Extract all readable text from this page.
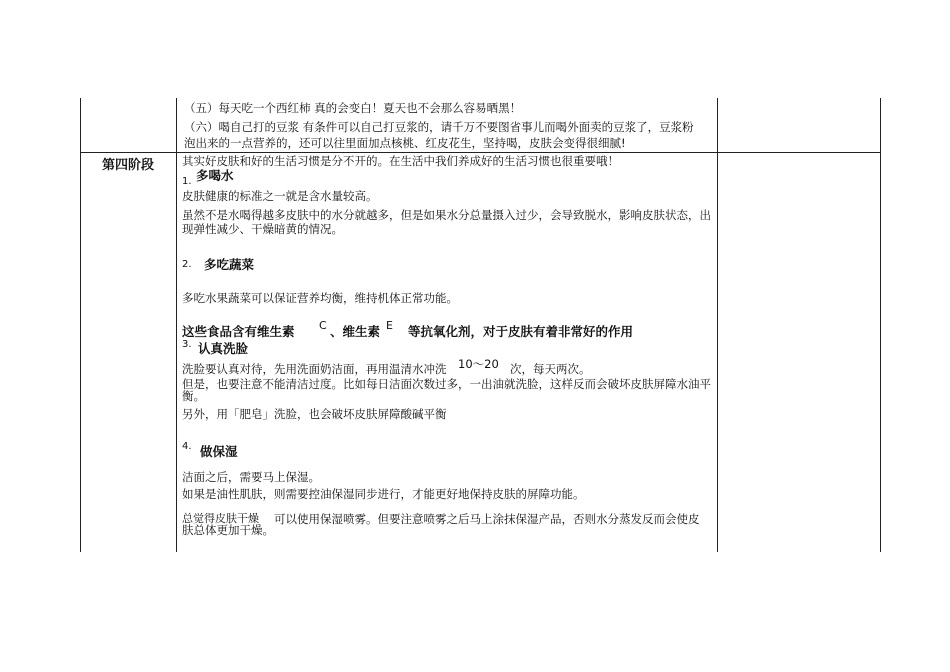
（五）每天吃一个西红柿 真的会变白！夏天也不会那么容易晒黑！
（六）喝自己打的豆浆 有条件可以自己打豆浆的，请千万不要图省事儿而喝外面卖的豆浆了，豆浆粉
泡出来的一点营养的，还可以往里面加点核桃、红皮花生，坚持喝，皮肤会变得很细腻!
第四阶段 其实好皮肤和好的生活习惯是分不开的。在生活中我们养成好的生活习惯也很重要哦！
1. 多喝水
皮肤健康的标准之一就是含水量较高。
虽然不是水喝得越多皮肤中的水分就越多，但是如果水分总量摄入过少，会导致脱水，影响皮肤状态，出现弹性减少、干燥暗黄的情况。
2. 多吃蔬菜
多吃水果蔬菜可以保证营养均衡，维持机体正常功能。
这些食品含有维生素 C 、维生素 E 等抗氧化剂，对于皮肤有着非常好的作用
3. 认真洗脸
洗脸要认真对待，先用洗面奶洁面，再用温清水冲洗 10～20 次，每天两次。
但是，也要注意不能清洁过度。比如每日洁面次数过多，一出油就洗脸，这样反而会破坏皮肤屏障水油平衡。
另外，用「肥皂」洗脸，也会破坏皮肤屏障酸碱平衡
4. 做保湿
洁面之后，需要马上保湿。
如果是油性肌肤，则需要控油保湿同步进行，才能更好地保持皮肤的屏障功能。
总觉得皮肤干燥 可以使用保湿喷雾。但要注意喷雾之后马上涂抹保湿产品，否则水分蒸发反而会使皮
肤总体更加干燥。
